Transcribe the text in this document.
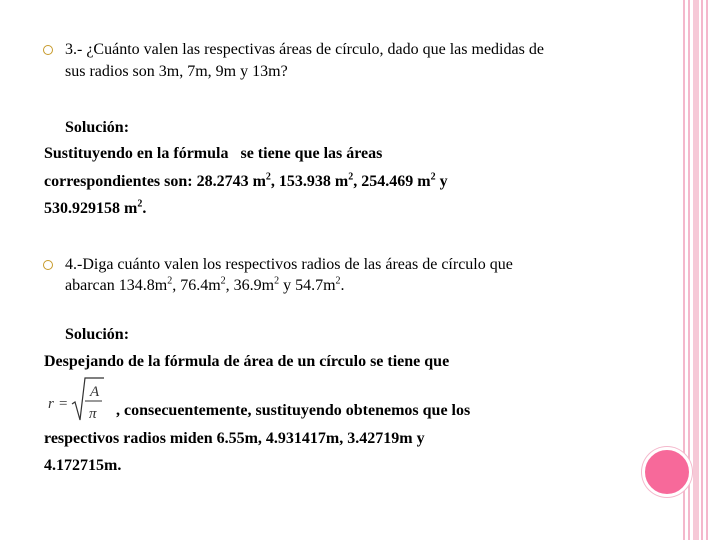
3.- ¿Cuánto valen las respectivas áreas de círculo, dado que las medidas de
sus radios son 3m, 7m, 9m y 13m?
Solución:
Sustituyendo en la fórmula   se tiene que las áreas
correspondientes son: 28.2743 $m^2$, 153.938 $m^2$, 254.469 $m^2$ y
530.929158 $m^2$.
4.-Diga cuánto valen los respectivos radios de las áreas de círculo que
abarcan $134.8m^2$, $76.4m^2$, $36.9m^2$ y $54.7m^2$.
Solución:
Despejando de la fórmula de área de un círculo se tiene que
r =
A
π , consecuentemente, sustituyendo obtenemos que los
respectivos radios miden 6.55m, 4.931417m, 3.42719m y
4.172715m.
